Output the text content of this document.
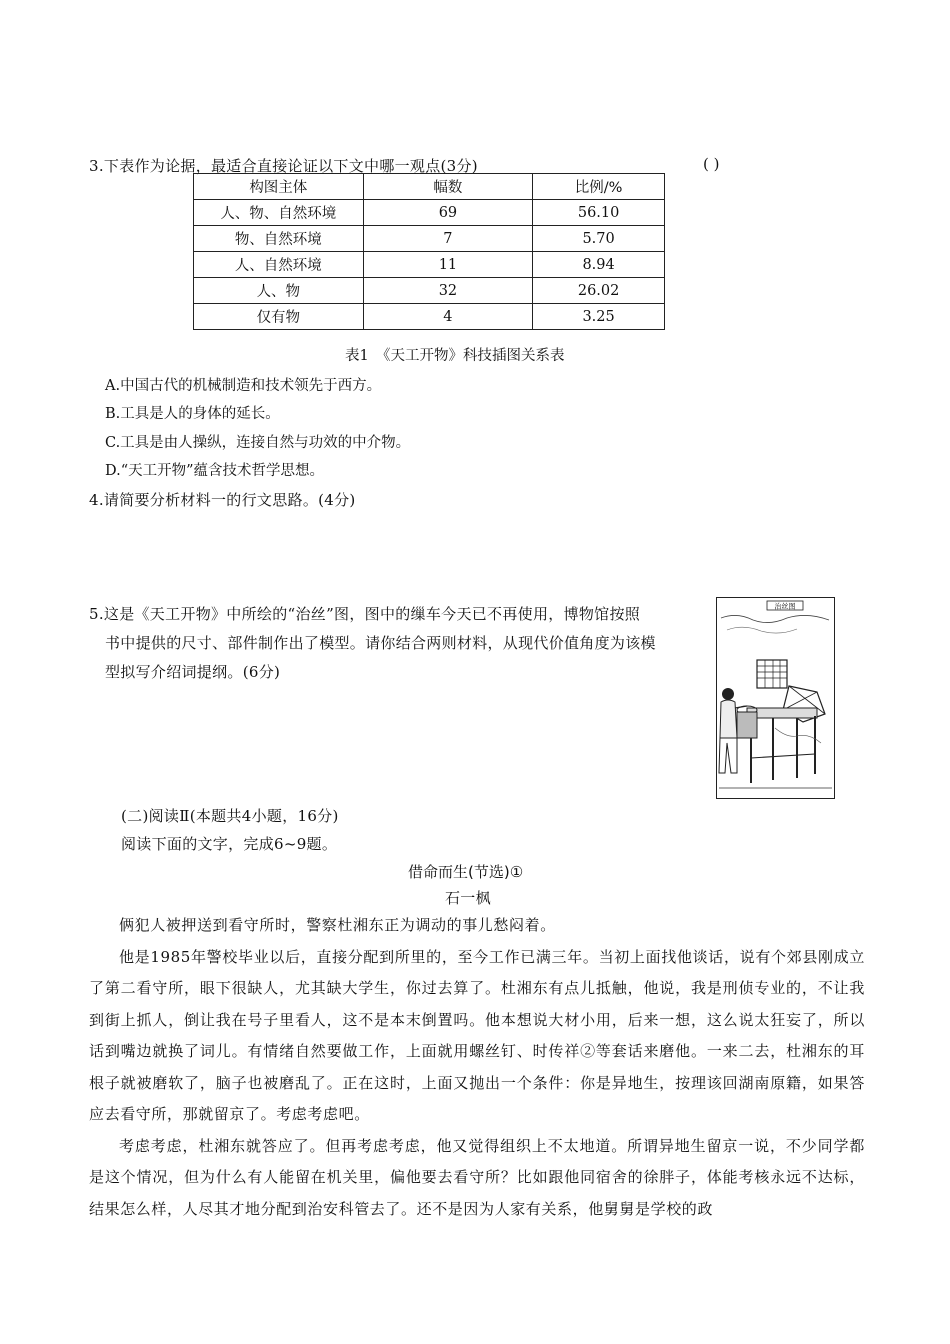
3.下表作为论据，最适合直接论证以下文中哪一观点(3分)	( )
构图主体	幅数	比例/%
人、物、自然环境	69	56.10
物、自然环境	7	5.70
人、自然环境	11	8.94
人、物	32	26.02
仅有物	4	3.25
表1　《天工开物》科技插图关系表
A.中国古代的机械制造和技术领先于西方。
B.工具是人的身体的延长。
C.工具是由人操纵，连接自然与功效的中介物。
D.“天工开物”蕴含技术哲学思想。
4.请简要分析材料一的行文思路。(4分)
5.这是《天工开物》中所绘的“治丝”图，图中的缫车今天已不再使用，博物馆按照
书中提供的尺寸、部件制作出了模型。请你结合两则材料，从现代价值角度为该模
型拟写介绍词提纲。(6分)
治丝图
(二)阅读Ⅱ(本题共4小题，16分)
阅读下面的文字，完成6~9题。
借命而生(节选)①
石一枫

俩犯人被押送到看守所时，警察杜湘东正为调动的事儿愁闷着。

他是1985年警校毕业以后，直接分配到所里的，至今工作已满三年。当初上面找他谈话，说有个郊县刚成立了第二看守所，眼下很缺人，尤其缺大学生，你过去算了。杜湘东有点儿抵触，他说，我是刑侦专业的，不让我到街上抓人，倒让我在号子里看人，这不是本末倒置吗。他本想说大材小用，后来一想，这么说太狂妄了，所以话到嘴边就换了词儿。有情绪自然要做工作，上面就用螺丝钉、时传祥②等套话来磨他。一来二去，杜湘东的耳根子就被磨软了，脑子也被磨乱了。正在这时，上面又抛出一个条件：你是异地生，按理该回湖南原籍，如果答应去看守所，那就留京了。考虑考虑吧。

考虑考虑，杜湘东就答应了。但再考虑考虑，他又觉得组织上不太地道。所谓异地生留京一说，不少同学都是这个情况，但为什么有人能留在机关里，偏他要去看守所？比如跟他同宿舍的徐胖子，体能考核永远不达标，结果怎么样，人尽其才地分配到治安科管去了。还不是因为人家有关系，他舅舅是学校的政
